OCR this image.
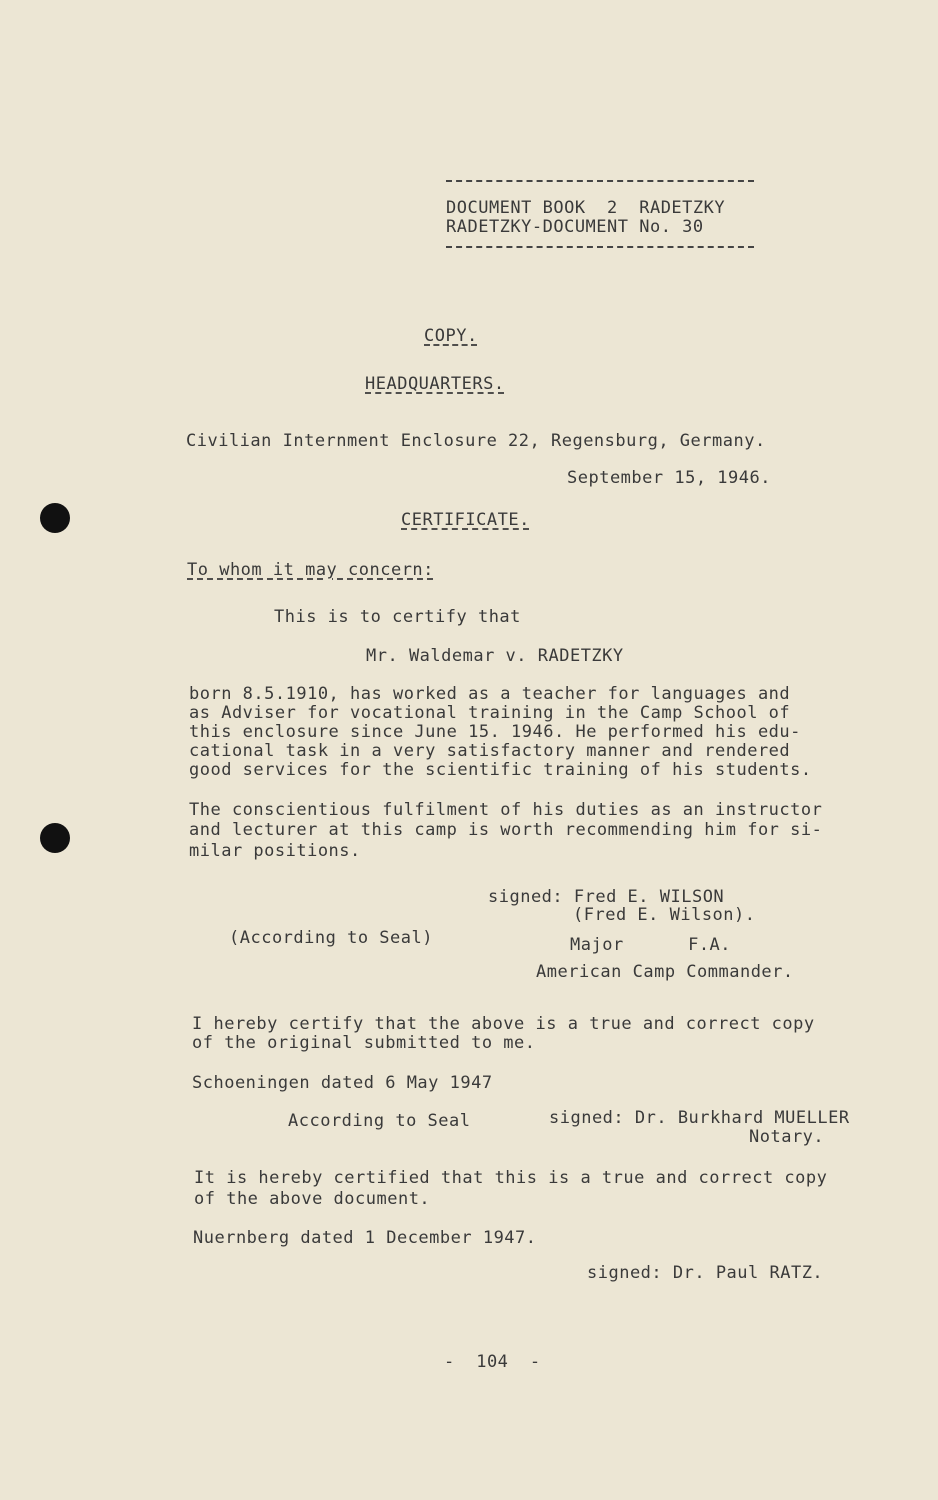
DOCUMENT BOOK  2  RADETZKY
RADETZKY-DOCUMENT No. 30
COPY.
HEADQUARTERS.
Civilian Internment Enclosure 22, Regensburg, Germany.
September 15, 1946.
CERTIFICATE.
To whom it may concern:
This is to certify that
Mr. Waldemar v. RADETZKY
born 8.5.1910, has worked as a teacher for languages and
as Adviser for vocational training in the Camp School of
this enclosure since June 15. 1946. He performed his edu-
cational task in a very satisfactory manner and rendered
good services for the scientific training of his students.
The conscientious fulfilment of his duties as an instructor
and lecturer at this camp is worth recommending him for si-
milar positions.
signed: Fred E. WILSON
(Fred E. Wilson).
(According to Seal)	Major      F.A.
American Camp Commander.
I hereby certify that the above is a true and correct copy
of the original submitted to me.
Schoeningen dated 6 May 1947
According to Seal	signed: Dr. Burkhard MUELLER
Notary.
It is hereby certified that this is a true and correct copy
of the above document.
Nuernberg dated 1 December 1947.
signed: Dr. Paul RATZ.
-  104  -
